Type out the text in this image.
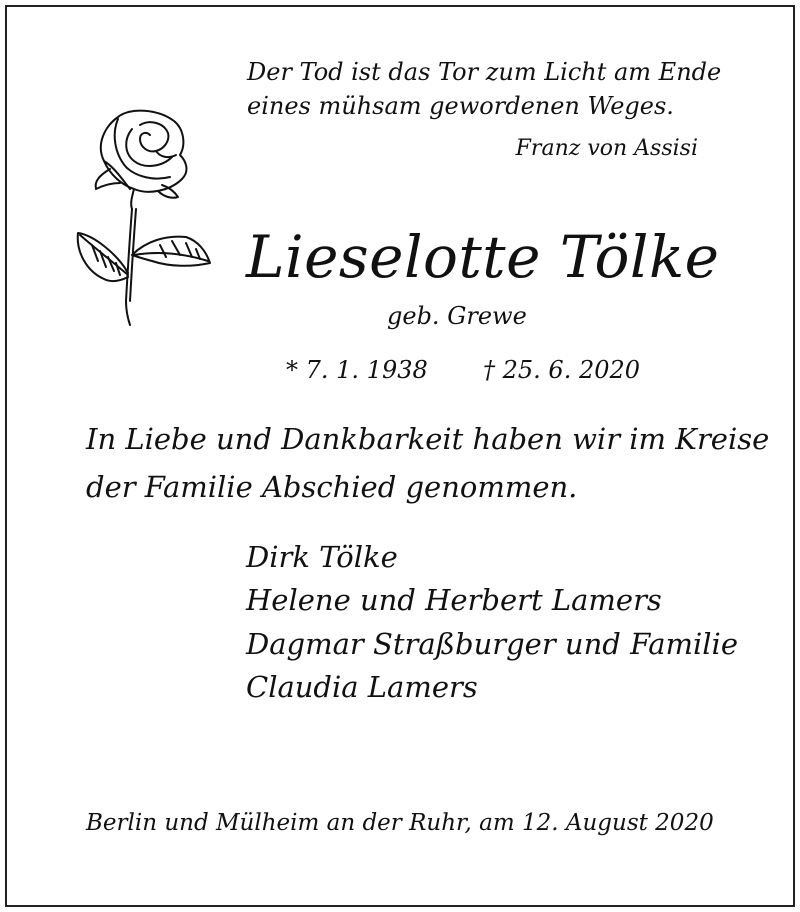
Der Tod ist das Tor zum Licht am Ende
eines mühsam gewordenen Weges.
Franz von Assisi
Lieselotte Tölke
geb. Grewe
* 7. 1. 1938 † 25. 6. 2020
In Liebe und Dankbarkeit haben wir im Kreise
der Familie Abschied genommen.
Dirk Tölke
Helene und Herbert Lamers
Dagmar Straßburger und Familie
Claudia Lamers
Berlin und Mülheim an der Ruhr, am 12. August 2020
